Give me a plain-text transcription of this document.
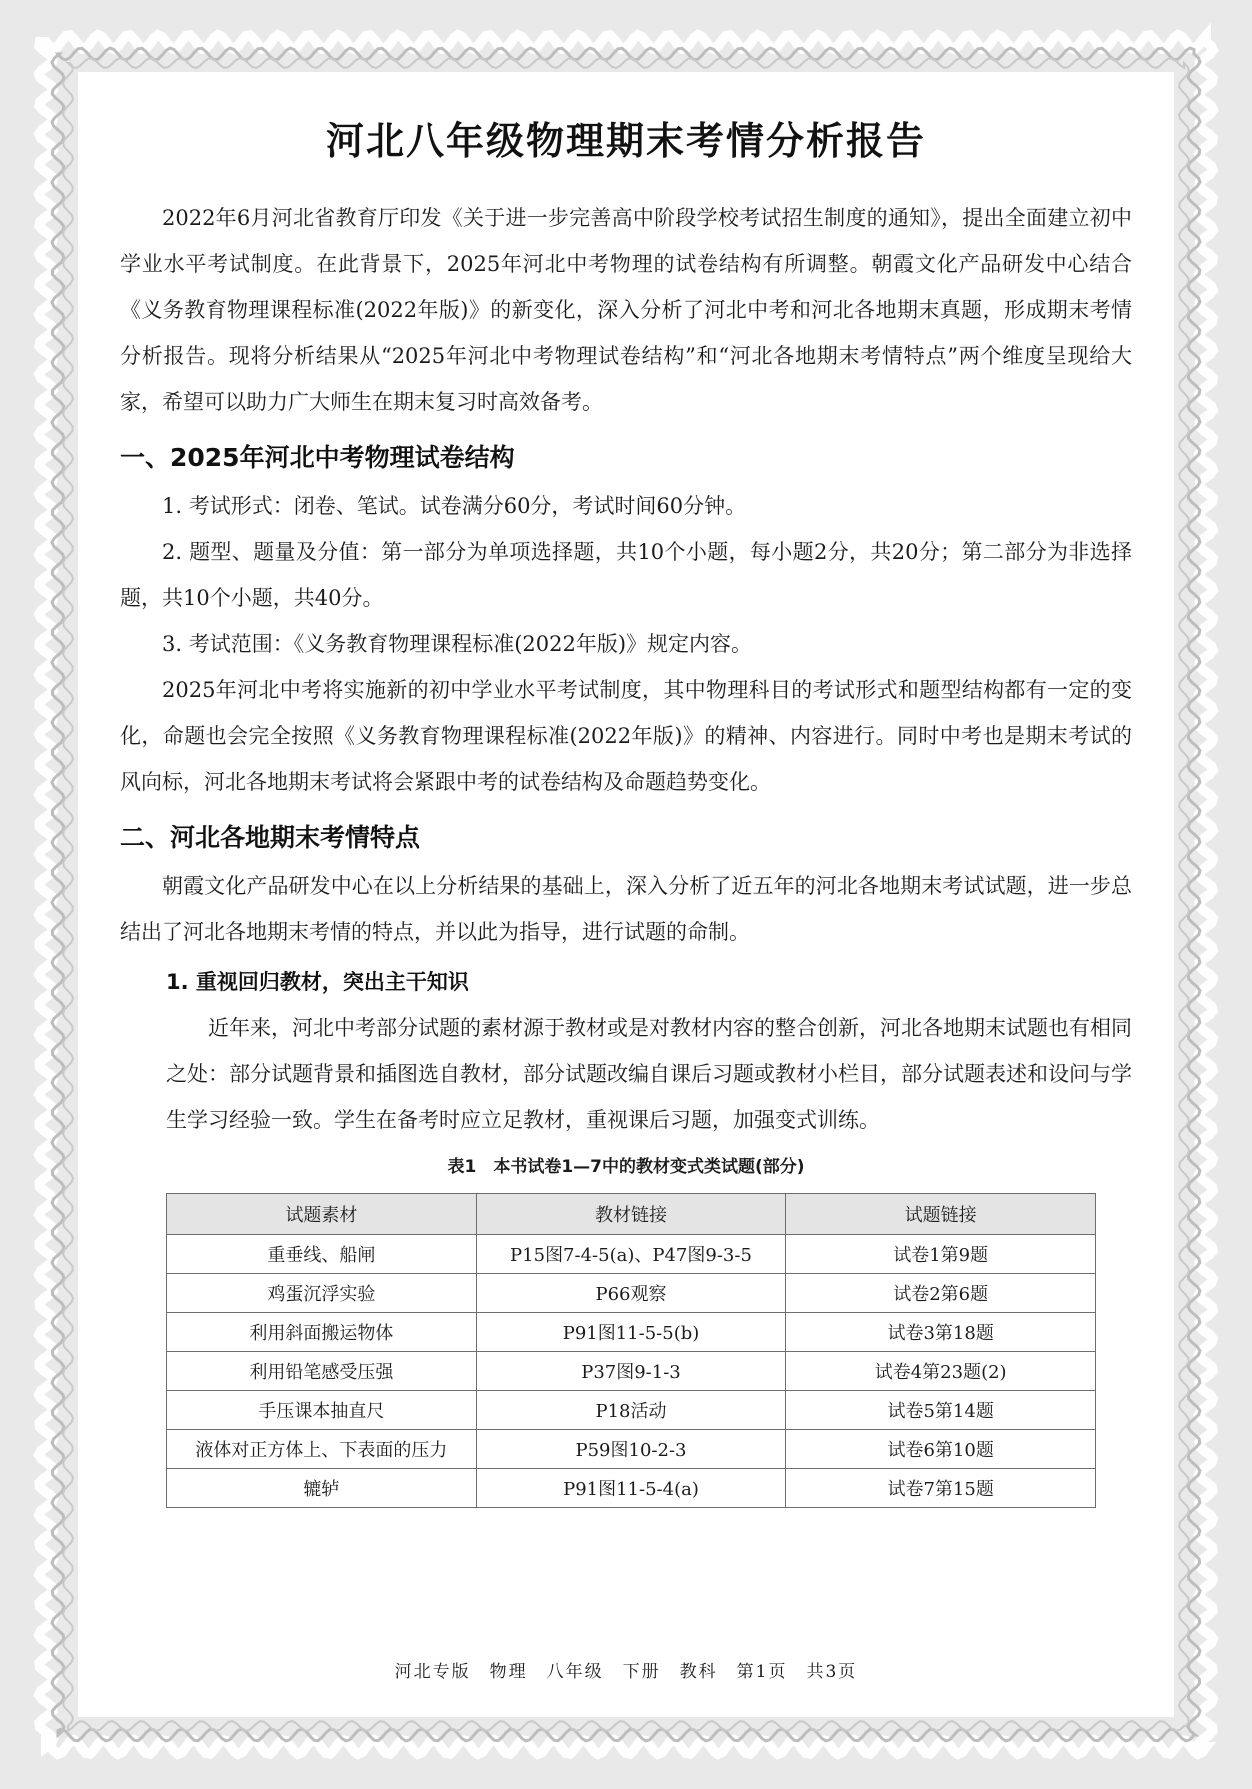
河北八年级物理期末考情分析报告

2022年6月河北省教育厅印发《关于进一步完善高中阶段学校考试招生制度的通知》，提出全面建立初中学业水平考试制度。在此背景下，2025年河北中考物理的试卷结构有所调整。朝霞文化产品研发中心结合《义务教育物理课程标准(2022年版)》的新变化，深入分析了河北中考和河北各地期末真题，形成期末考情分析报告。现将分析结果从“2025年河北中考物理试卷结构”和“河北各地期末考情特点”两个维度呈现给大家，希望可以助力广大师生在期末复习时高效备考。

一、2025年河北中考物理试卷结构

1. 考试形式：闭卷、笔试。试卷满分60分，考试时间60分钟。

2. 题型、题量及分值：第一部分为单项选择题，共10个小题，每小题2分，共20分；第二部分为非选择题，共10个小题，共40分。

3. 考试范围：《义务教育物理课程标准(2022年版)》规定内容。

2025年河北中考将实施新的初中学业水平考试制度，其中物理科目的考试形式和题型结构都有一定的变化，命题也会完全按照《义务教育物理课程标准(2022年版)》的精神、内容进行。同时中考也是期末考试的风向标，河北各地期末考试将会紧跟中考的试卷结构及命题趋势变化。

二、河北各地期末考情特点

朝霞文化产品研发中心在以上分析结果的基础上，深入分析了近五年的河北各地期末考试试题，进一步总结出了河北各地期末考情的特点，并以此为指导，进行试题的命制。

1. 重视回归教材，突出主干知识

近年来，河北中考部分试题的素材源于教材或是对教材内容的整合创新，河北各地期末试题也有相同之处：部分试题背景和插图选自教材，部分试题改编自课后习题或教材小栏目，部分试题表述和设问与学生学习经验一致。学生在备考时应立足教材，重视课后习题，加强变式训练。

表1　本书试卷1—7中的教材变式类试题(部分)
试题素材	教材链接	试题链接
重垂线、船闸	P15图7-4-5(a)、P47图9-3-5	试卷1第9题
鸡蛋沉浮实验	P66观察	试卷2第6题
利用斜面搬运物体	P91图11-5-5(b)	试卷3第18题
利用铅笔感受压强	P37图9-1-3	试卷4第23题(2)
手压课本抽直尺	P18活动	试卷5第14题
液体对正方体上、下表面的压力	P59图10-2-3	试卷6第10题
辘轳	P91图11-5-4(a)	试卷7第15题
河北专版　物理　八年级　下册　教科　第1页　共3页
